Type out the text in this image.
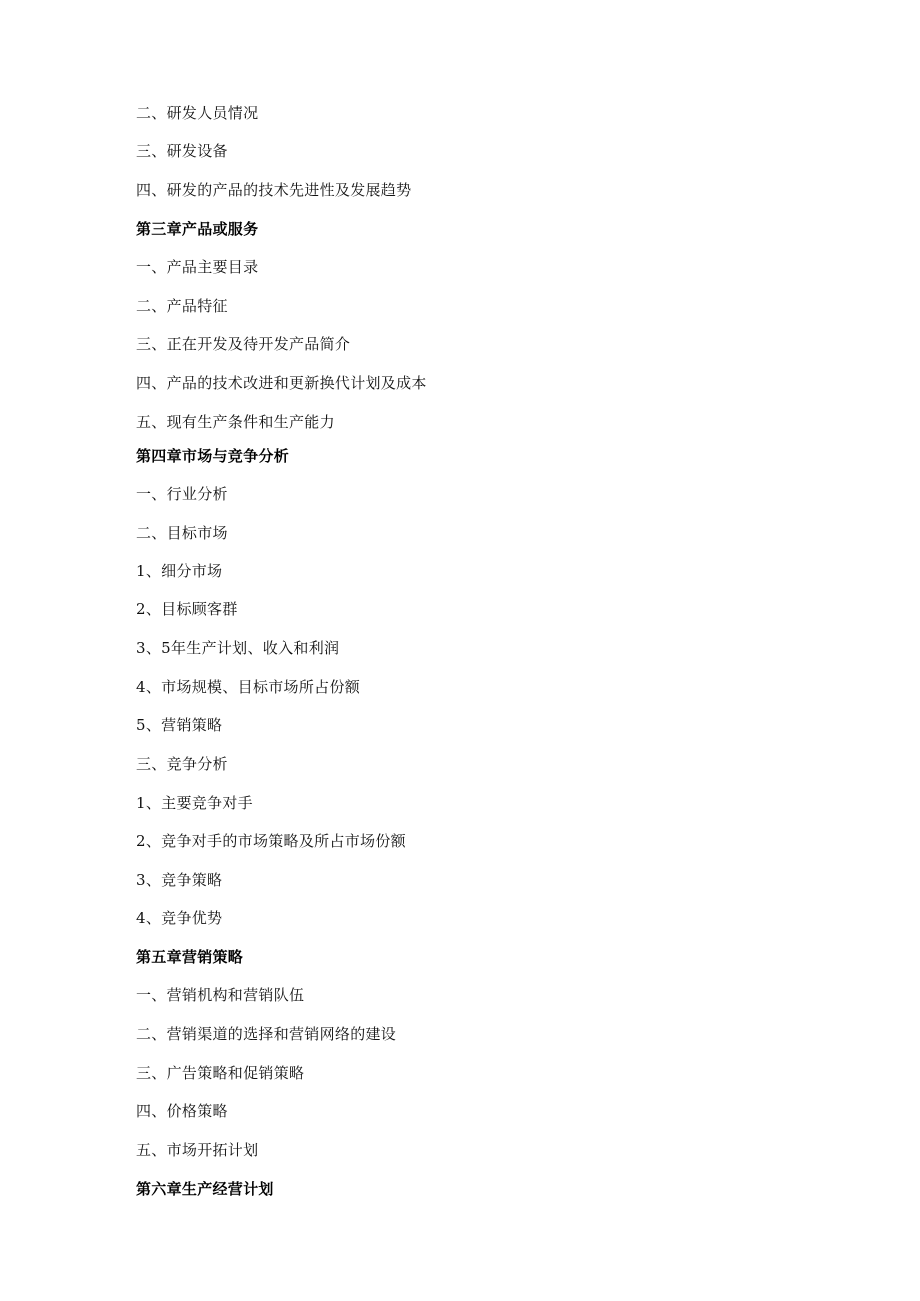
二、研发人员情况
三、研发设备
四、研发的产品的技术先进性及发展趋势
第三章产品或服务
一、产品主要目录
二、产品特征
三、正在开发及待开发产品简介
四、产品的技术改进和更新换代计划及成本
五、现有生产条件和生产能力
第四章市场与竞争分析
一、行业分析
二、目标市场
1、细分市场
2、目标顾客群
3、5年生产计划、收入和利润
4、市场规模、目标市场所占份额
5、营销策略
三、竞争分析
1、主要竞争对手
2、竞争对手的市场策略及所占市场份额
3、竞争策略
4、竞争优势
第五章营销策略
一、营销机构和营销队伍
二、营销渠道的选择和营销网络的建设
三、广告策略和促销策略
四、价格策略
五、市场开拓计划
第六章生产经营计划
